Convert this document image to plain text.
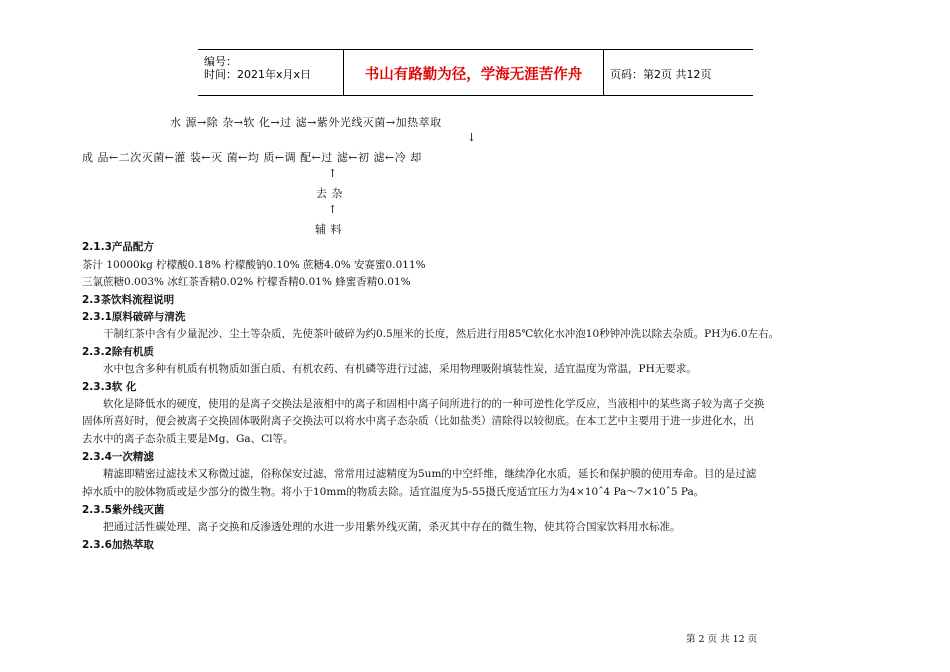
编号：
时间：2021年x月x日	书山有路勤为径，学海无涯苦作舟	页码：第2页 共12页
水 源→除 杂→软 化→过 滤→紫外光线灭菌→加热萃取
↓
成 品←二次灭菌←灌 装←灭 菌←均 质←调 配←过 滤←初 滤←冷 却
↑
去 杂
↑
辅 料
2.1.3产品配方
茶汁 10000kg 柠檬酸0.18% 柠檬酸钠0.10% 蔗糖4.0% 安赛蜜0.011%
三氯蔗糖0.003% 冰红茶香精0.02% 柠檬香精0.01% 蜂蜜香精0.01%
2.3茶饮料流程说明
2.3.1原料破碎与清洗
干制红茶中含有少量泥沙、尘土等杂质，先使茶叶破碎为约0.5厘米的长度，然后进行用85℃软化水冲泡10秒钟冲洗以除去杂质。PH为6.0左右。
2.3.2除有机质
水中包含多种有机质有机物质如蛋白质、有机农药、有机磷等进行过滤，采用物理吸附填装性炭，适宜温度为常温，PH无要求。
2.3.3软 化
软化是降低水的硬度，使用的是离子交换法是液相中的离子和固相中离子间所进行的的一种可逆性化学反应，当液相中的某些离子较为离子交换
固体所喜好时，便会被离子交换固体吸附离子交换法可以将水中离子态杂质（比如盐类）清除得以较彻底。在本工艺中主要用于进一步进化水，出
去水中的离子态杂质主要是Mg、Ga、Cl等。
2.3.4一次精滤
精滤即精密过滤技术又称微过滤，俗称保安过滤，常常用过滤精度为5um的中空纤维，继续净化水质，延长和保护膜的使用寿命。目的是过滤
掉水质中的胶体物质或是少部分的微生物。将小于10mm的物质去除。适宜温度为5-55摄氏度适宜压力为4×10ˆ4 Pa～7×10ˆ5 Pa。
2.3.5紫外线灭菌
把通过活性碳处理、离子交换和反渗透处理的水进一步用紫外线灭菌，杀灭其中存在的微生物，使其符合国家饮料用水标准。
2.3.6加热萃取
第 2 页 共 12 页
